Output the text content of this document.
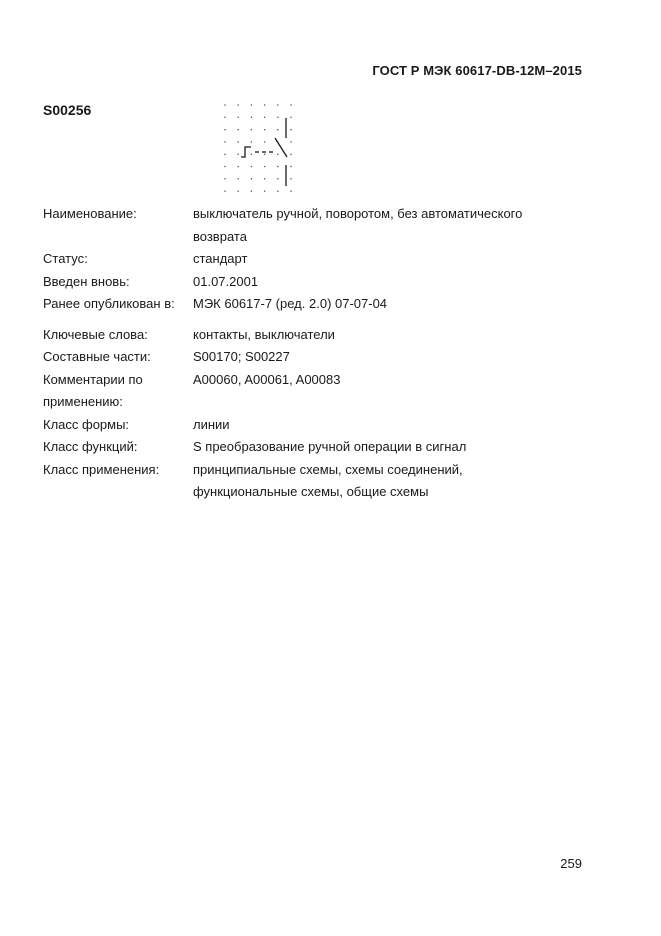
ГОСТ Р МЭК 60617-DB-12M–2015
S00256
Наименование:	выключатель ручной, поворотом, без автоматического
возврата
Статус:	стандарт
Введен вновь:	01.07.2001
Ранее опубликован в:	МЭК 60617-7 (ред. 2.0) 07-07-04
Ключевые слова:	контакты, выключатели
Составные части:	S00170; S00227
Комментарии по	A00060, A00061, A00083
применению:
Класс формы:	линии
Класс функций:	S преобразование ручной операции в сигнал
Класс применения:	принципиальные схемы, схемы соединений,
функциональные схемы, общие схемы
259
